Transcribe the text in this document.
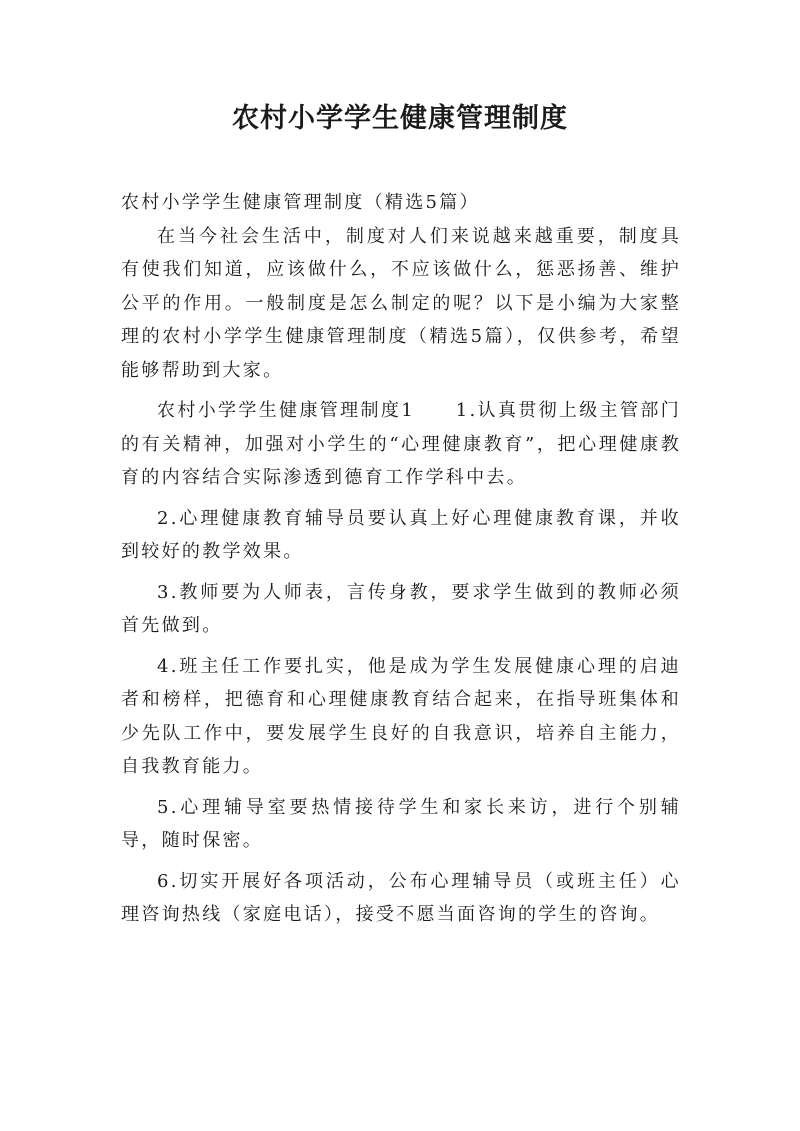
农村小学学生健康管理制度

农村小学学生健康管理制度（精选5篇）

在当今社会生活中，制度对人们来说越来越重要，制度具有使我们知道，应该做什么，不应该做什么，惩恶扬善、维护公平的作用。一般制度是怎么制定的呢？以下是小编为大家整理的农村小学学生健康管理制度（精选5篇），仅供参考，希望能够帮助到大家。

农村小学学生健康管理制度1　　1.认真贯彻上级主管部门的有关精神，加强对小学生的“心理健康教育”，把心理健康教育的内容结合实际渗透到德育工作学科中去。

2.心理健康教育辅导员要认真上好心理健康教育课，并收到较好的教学效果。

3.教师要为人师表，言传身教，要求学生做到的教师必须首先做到。

4.班主任工作要扎实，他是成为学生发展健康心理的启迪者和榜样，把德育和心理健康教育结合起来，在指导班集体和少先队工作中，要发展学生良好的自我意识，培养自主能力，自我教育能力。

5.心理辅导室要热情接待学生和家长来访，进行个别辅导，随时保密。

6.切实开展好各项活动，公布心理辅导员（或班主任）心理咨询热线（家庭电话），接受不愿当面咨询的学生的咨询。
